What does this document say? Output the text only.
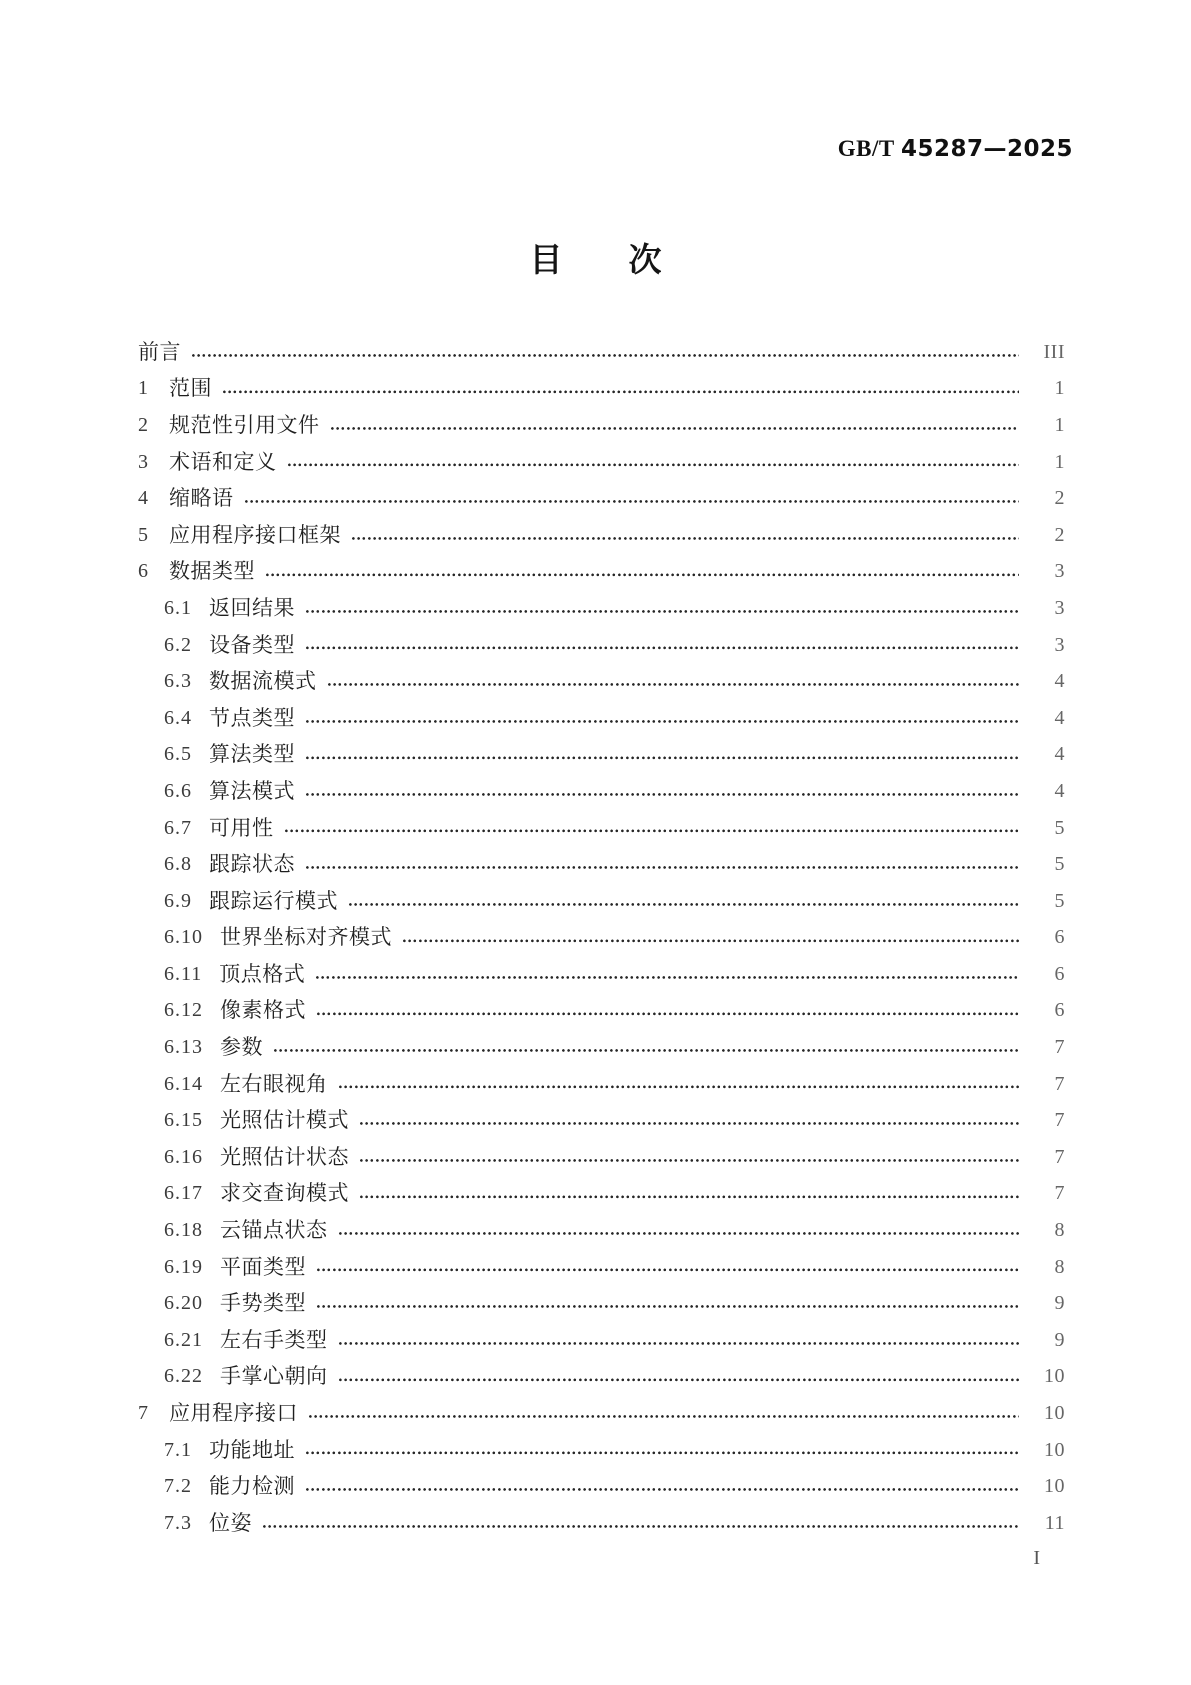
GB/T 45287—2025
目　　次
前言	III
1 范围	1
2 规范性引用文件	1
3 术语和定义	1
4 缩略语	2
5 应用程序接口框架	2
6 数据类型	3
6.1 返回结果	3
6.2 设备类型	3
6.3 数据流模式	4
6.4 节点类型	4
6.5 算法类型	4
6.6 算法模式	4
6.7 可用性	5
6.8 跟踪状态	5
6.9 跟踪运行模式	5
6.10 世界坐标对齐模式	6
6.11 顶点格式	6
6.12 像素格式	6
6.13 参数	7
6.14 左右眼视角	7
6.15 光照估计模式	7
6.16 光照估计状态	7
6.17 求交查询模式	7
6.18 云锚点状态	8
6.19 平面类型	8
6.20 手势类型	9
6.21 左右手类型	9
6.22 手掌心朝向	10
7 应用程序接口	10
7.1 功能地址	10
7.2 能力检测	10
7.3 位姿	11
I
